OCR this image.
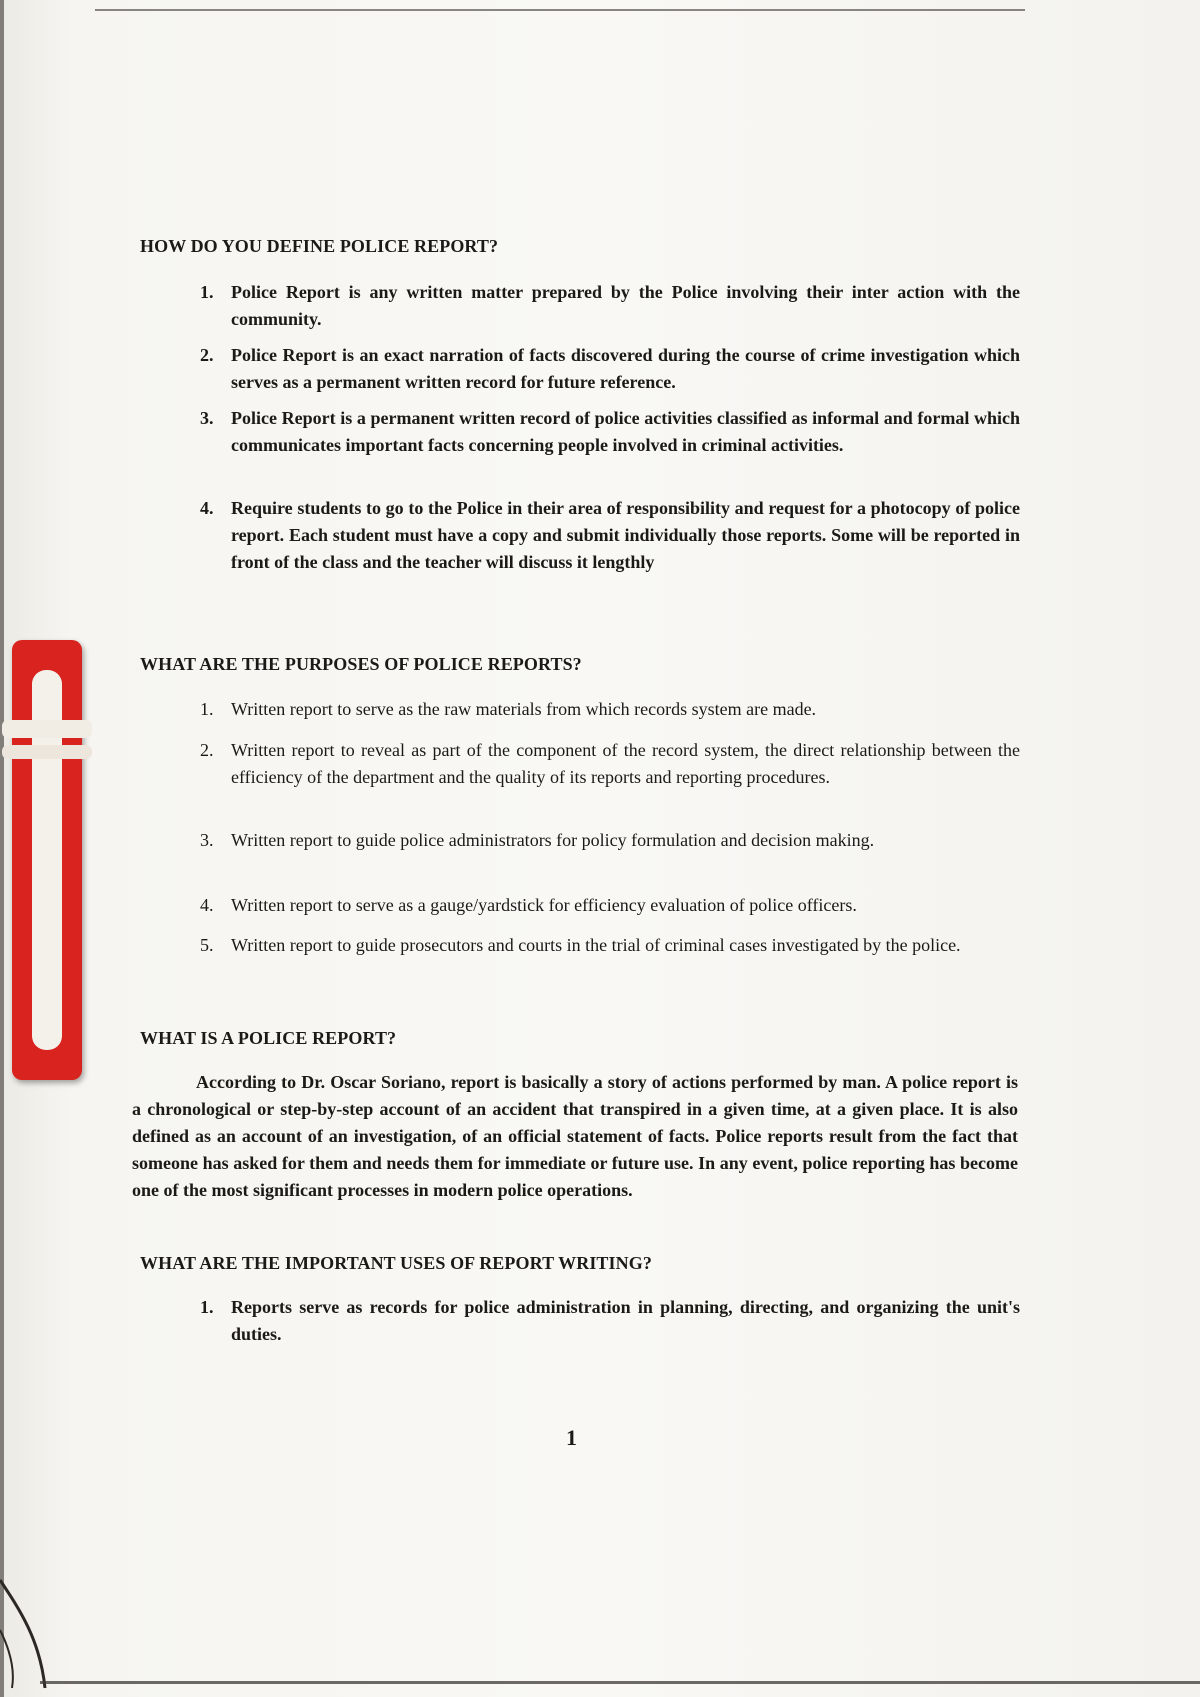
HOW DO YOU DEFINE POLICE REPORT?
1. Police Report is any written matter prepared by the Police involving their inter action with the community.
2. Police Report is an exact narration of facts discovered during the course of crime investigation which serves as a permanent written record for future reference.
3. Police Report is a permanent written record of police activities classified as informal and formal which communicates important facts concerning people involved in criminal activities.
4. Require students to go to the Police in their area of responsibility and request for a photocopy of police report. Each student must have a copy and submit individually those reports. Some will be reported in front of the class and the teacher will discuss it lengthly
WHAT ARE THE PURPOSES OF POLICE REPORTS?
1. Written report to serve as the raw materials from which records system are made.
2. Written report to reveal as part of the component of the record system, the direct relationship between the efficiency of the department and the quality of its reports and reporting procedures.
3. Written report to guide police administrators for policy formulation and decision making.
4. Written report to serve as a gauge/yardstick for efficiency evaluation of police officers.
5. Written report to guide prosecutors and courts in the trial of criminal cases investigated by the police.
WHAT IS A POLICE REPORT?
According to Dr. Oscar Soriano, report is basically a story of actions performed by man. A police report is a chronological or step-by-step account of an accident that transpired in a given time, at a given place. It is also defined as an account of an investigation, of an official statement of facts. Police reports result from the fact that someone has asked for them and needs them for immediate or future use. In any event, police reporting has become one of the most significant processes in modern police operations.
WHAT ARE THE IMPORTANT USES OF REPORT WRITING?
1. Reports serve as records for police administration in planning, directing, and organizing the unit's duties.
1
